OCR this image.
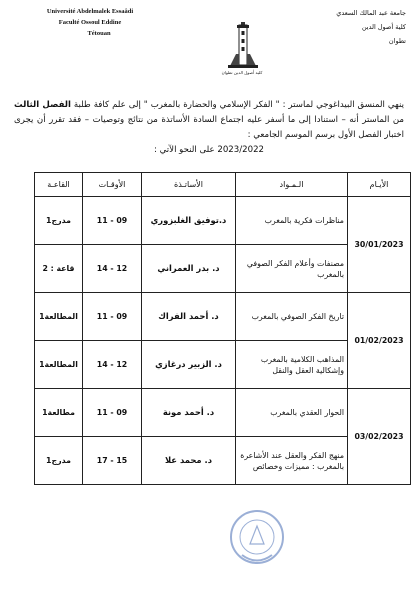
Université Abdelmalek Essaâdi
Faculté Ossoul Eddine
Tétouan
جامعة عبد المالك السعدي
كلية أصول الدين
تطوان
كلية أصول الدين تطوان
ينهي المنسق البيداغوجي لماستر : " الفكر الإسلامي والحضارة بالمغرب " إلى علم كافة طلبة الفصل الثالث من الماستر أنه – استنادا إلى ما أسفر عليه اجتماع السادة الأساتذة من نتائج وتوصيات – فقد تقرر أن يجرى اختبار الفصل الأول برسم الموسم الجامعي :
2023/2022 على النحو الآتي :
الأيـام	الـمـواد	الأساتـذة	الأوقـات	القاعـة
30/01/2023	مناظرات فكرية بالمغرب	د.توفيق الغلبزوري	09 - 11	مدرج1
	مصنفات وأعلام الفكر الصوفي بالمغرب	د. بدر العمراني	12 - 14	قاعة : 2
01/02/2023	تاريخ الفكر الصوفي بالمغرب	د. أحمد الفراك	09 - 11	المطالعة1
	المذاهب الكلامية بالمغرب وإشكالية العقل والنقل	د. الزبير درغازي	12 - 14	المطالعة1
03/02/2023	الحوار العقدي بالمغرب	د. أحمد مونة	09 - 11	مطالعة1
	منهج الفكر والعقل عند الأشاعرة بالمغرب : مميزات وخصائص	د. محمد علا	15 - 17	مدرج1
